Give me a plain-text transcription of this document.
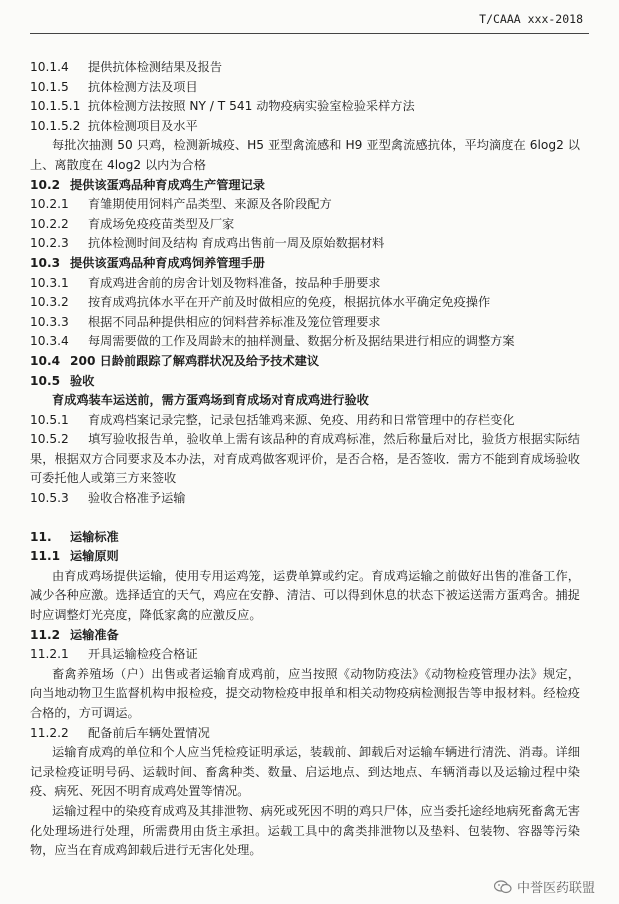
T/CAAA xxx-2018
10.1.4	提供抗体检测结果及报告
10.1.5	抗体检测方法及项目
10.1.5.1 抗体检测方法按照 NY / T 541 动物疫病实验室检验采样方法
10.1.5.2 抗体检测项目及水平
每批次抽测 50 只鸡，检测新城疫、H5 亚型禽流感和 H9 亚型禽流感抗体，平均滴度在 6log2 以上、离散度在 4log2 以内为合格
10.2 提供该蛋鸡品种育成鸡生产管理记录
10.2.1	育雏期使用饲料产品类型、来源及各阶段配方
10.2.2	育成场免疫疫苗类型及厂家
10.2.3	抗体检测时间及结构 育成鸡出售前一周及原始数据材料
10.3 提供该蛋鸡品种育成鸡饲养管理手册
10.3.1	育成鸡进舍前的房舍计划及物料准备，按品种手册要求
10.3.2	按育成鸡抗体水平在开产前及时做相应的免疫，根据抗体水平确定免疫操作
10.3.3	根据不同品种提供相应的饲料营养标准及笼位管理要求
10.3.4	每周需要做的工作及周龄末的抽样测量、数据分析及据结果进行相应的调整方案
10.4 200 日龄前跟踪了解鸡群状况及给予技术建议
10.5 验收
育成鸡装车运送前，需方蛋鸡场到育成场对育成鸡进行验收
10.5.1	育成鸡档案记录完整，记录包括雏鸡来源、免疫、用药和日常管理中的存栏变化
10.5.2 填写验收报告单，验收单上需有该品种的育成鸡标准，然后称量后对比，验货方根据实际结果，根据双方合同要求及本办法，对育成鸡做客观评价，是否合格，是否签收．需方不能到育成场验收可委托他人或第三方来签收
10.5.3	验收合格准予运输
11.	运输标准
11.1 运输原则
由育成鸡场提供运输，使用专用运鸡笼，运费单算或约定。育成鸡运输之前做好出售的准备工作，减少各种应激。选择适宜的天气，鸡应在安静、清洁、可以得到休息的状态下被运送需方蛋鸡舍。捕捉时应调整灯光亮度，降低家禽的应激反应。
11.2 运输准备
11.2.1	开具运输检疫合格证
畜禽养殖场（户）出售或者运输育成鸡前，应当按照《动物防疫法》《动物检疫管理办法》规定，向当地动物卫生监督机构申报检疫，提交动物检疫申报单和相关动物疫病检测报告等申报材料。经检疫合格的，方可调运。
11.2.2	配备前后车辆处置情况
运输育成鸡的单位和个人应当凭检疫证明承运，装载前、卸载后对运输车辆进行清洗、消毒。详细记录检疫证明号码、运载时间、畜禽种类、数量、启运地点、到达地点、车辆消毒以及运输过程中染疫、病死、死因不明育成鸡处置等情况。
运输过程中的染疫育成鸡及其排泄物、病死或死因不明的鸡只尸体，应当委托途经地病死畜禽无害化处理场进行处理，所需费用由货主承担。运载工具中的禽类排泄物以及垫料、包装物、容器等污染物，应当在育成鸡卸载后进行无害化处理。
中誉医药联盟
